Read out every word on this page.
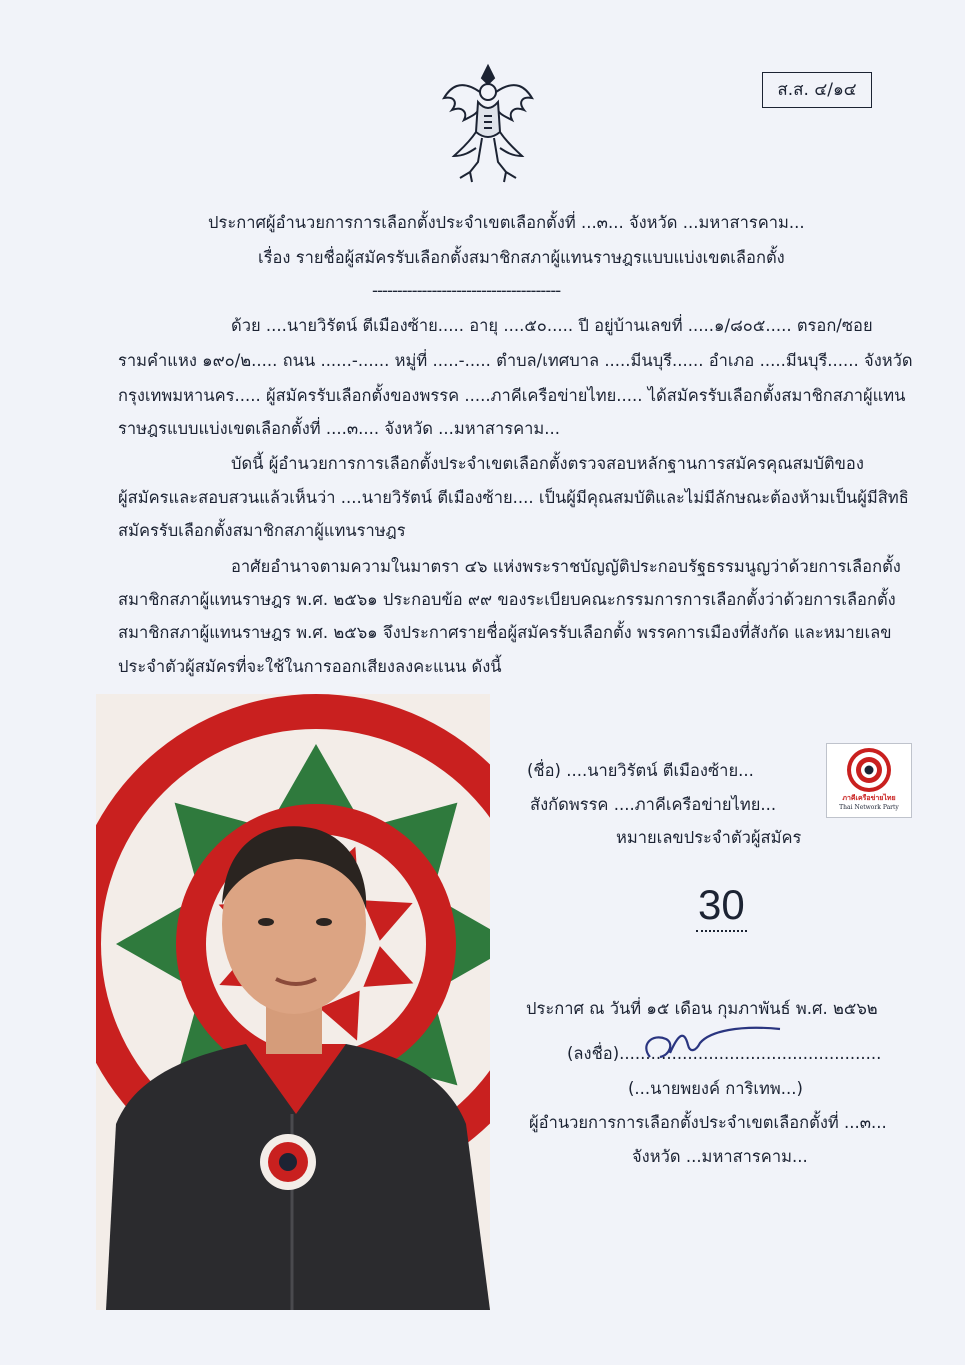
ส.ส. ๔/๑๔
ประกาศผู้อำนวยการการเลือกตั้งประจำเขตเลือกตั้งที่ ...๓... จังหวัด ...มหาสารคาม...
เรื่อง รายชื่อผู้สมัครรับเลือกตั้งสมาชิกสภาผู้แทนราษฎรแบบแบ่งเขตเลือกตั้ง
--------------------------------------
ด้วย ....นายวิรัตน์ ตีเมืองซ้าย..... อายุ ....๕๐..... ปี อยู่บ้านเลขที่ .....๑/๘๐๕..... ตรอก/ซอย
รามคำแหง ๑๙๐/๒..... ถนน ......-...... หมู่ที่ .....-..... ตำบล/เทศบาล .....มีนบุรี...... อำเภอ .....มีนบุรี...... จังหวัด
กรุงเทพมหานคร..... ผู้สมัครรับเลือกตั้งของพรรค .....ภาคีเครือข่ายไทย..... ได้สมัครรับเลือกตั้งสมาชิกสภาผู้แทน
ราษฎรแบบแบ่งเขตเลือกตั้งที่ ....๓.... จังหวัด ...มหาสารคาม...
บัดนี้ ผู้อำนวยการการเลือกตั้งประจำเขตเลือกตั้งตรวจสอบหลักฐานการสมัครคุณสมบัติของ
ผู้สมัครและสอบสวนแล้วเห็นว่า ....นายวิรัตน์ ตีเมืองซ้าย.... เป็นผู้มีคุณสมบัติและไม่มีลักษณะต้องห้ามเป็นผู้มีสิทธิ
สมัครรับเลือกตั้งสมาชิกสภาผู้แทนราษฎร
อาศัยอำนาจตามความในมาตรา ๔๖ แห่งพระราชบัญญัติประกอบรัฐธรรมนูญว่าด้วยการเลือกตั้ง
สมาชิกสภาผู้แทนราษฎร พ.ศ. ๒๕๖๑ ประกอบข้อ ๙๙ ของระเบียบคณะกรรมการการเลือกตั้งว่าด้วยการเลือกตั้ง
สมาชิกสภาผู้แทนราษฎร พ.ศ. ๒๕๖๑ จึงประกาศรายชื่อผู้สมัครรับเลือกตั้ง พรรคการเมืองที่สังกัด และหมายเลข
ประจำตัวผู้สมัครที่จะใช้ในการออกเสียงลงคะแนน ดังนี้
ภาคีเครือข่ายไทย
Thai Network Party
(ชื่อ) ....นายวิรัตน์ ตีเมืองซ้าย...
สังกัดพรรค ....ภาคีเครือข่ายไทย...
หมายเลขประจำตัวผู้สมัคร
30
ประกาศ ณ วันที่ ๑๕ เดือน กุมภาพันธ์ พ.ศ. ๒๕๖๒
(ลงชื่อ)..................................................
(...นายพยงค์ การิเทพ...)
ผู้อำนวยการการเลือกตั้งประจำเขตเลือกตั้งที่ ...๓...
จังหวัด ...มหาสารคาม...
